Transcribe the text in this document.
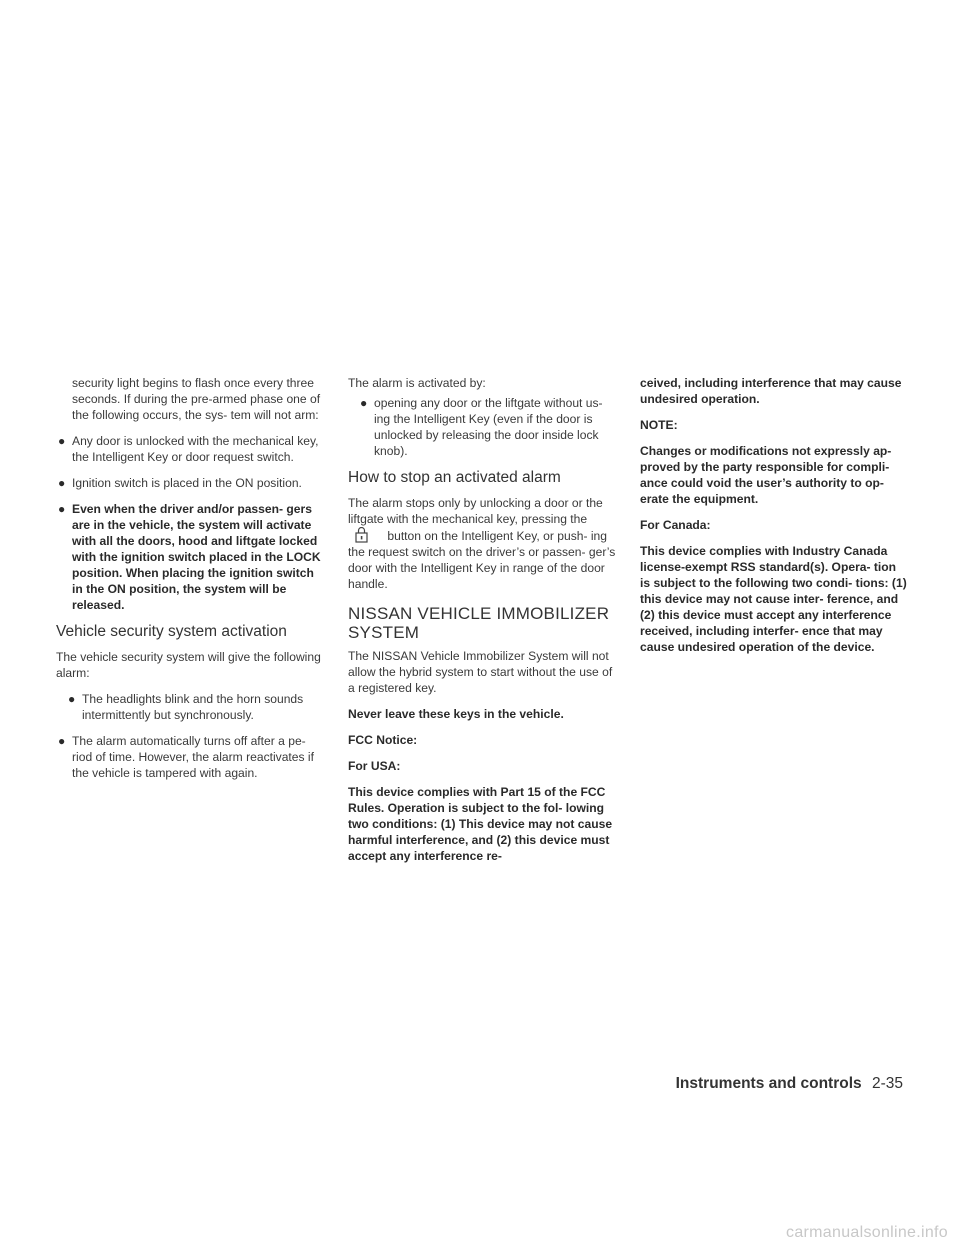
security light begins to flash once every three seconds. If during the pre-armed phase one of the following occurs, the sys- tem will not arm:

● Any door is unlocked with the mechanical key, the Intelligent Key or door request switch.
● Ignition switch is placed in the ON position.
● Even when the driver and/or passen- gers are in the vehicle, the system will activate with all the doors, hood and liftgate locked with the ignition switch placed in the LOCK position. When placing the ignition switch in the ON position, the system will be released.
Vehicle security system activation

The vehicle security system will give the following alarm:

● The headlights blink and the horn sounds intermittently but synchronously.
● The alarm automatically turns off after a pe- riod of time. However, the alarm reactivates if the vehicle is tampered with again.

The alarm is activated by:

● opening any door or the liftgate without us- ing the Intelligent Key (even if the door is unlocked by releasing the door inside lock knob).
How to stop an activated alarm

The alarm stops only by unlocking a door or the liftgate with the mechanical key, pressing the  button on the Intelligent Key, or push- ing the request switch on the driver’s or passen- ger’s door with the Intelligent Key in range of the door handle.

NISSAN VEHICLE IMMOBILIZER SYSTEM

The NISSAN Vehicle Immobilizer System will not allow the hybrid system to start without the use of a registered key.

Never leave these keys in the vehicle.

FCC Notice:

For USA:

This device complies with Part 15 of the FCC Rules. Operation is subject to the fol- lowing two conditions: (1) This device may not cause harmful interference, and (2) this device must accept any interference re-

ceived, including interference that may cause undesired operation.

NOTE:

Changes or modifications not expressly ap- proved by the party responsible for compli- ance could void the user’s authority to op- erate the equipment.

For Canada:

This device complies with Industry Canada license-exempt RSS standard(s). Opera- tion is subject to the following two condi- tions: (1) this device may not cause inter- ference, and (2) this device must accept any interference received, including interfer- ence that may cause undesired operation of the device.

Instruments and controls 2-35
carmanualsonline.info
